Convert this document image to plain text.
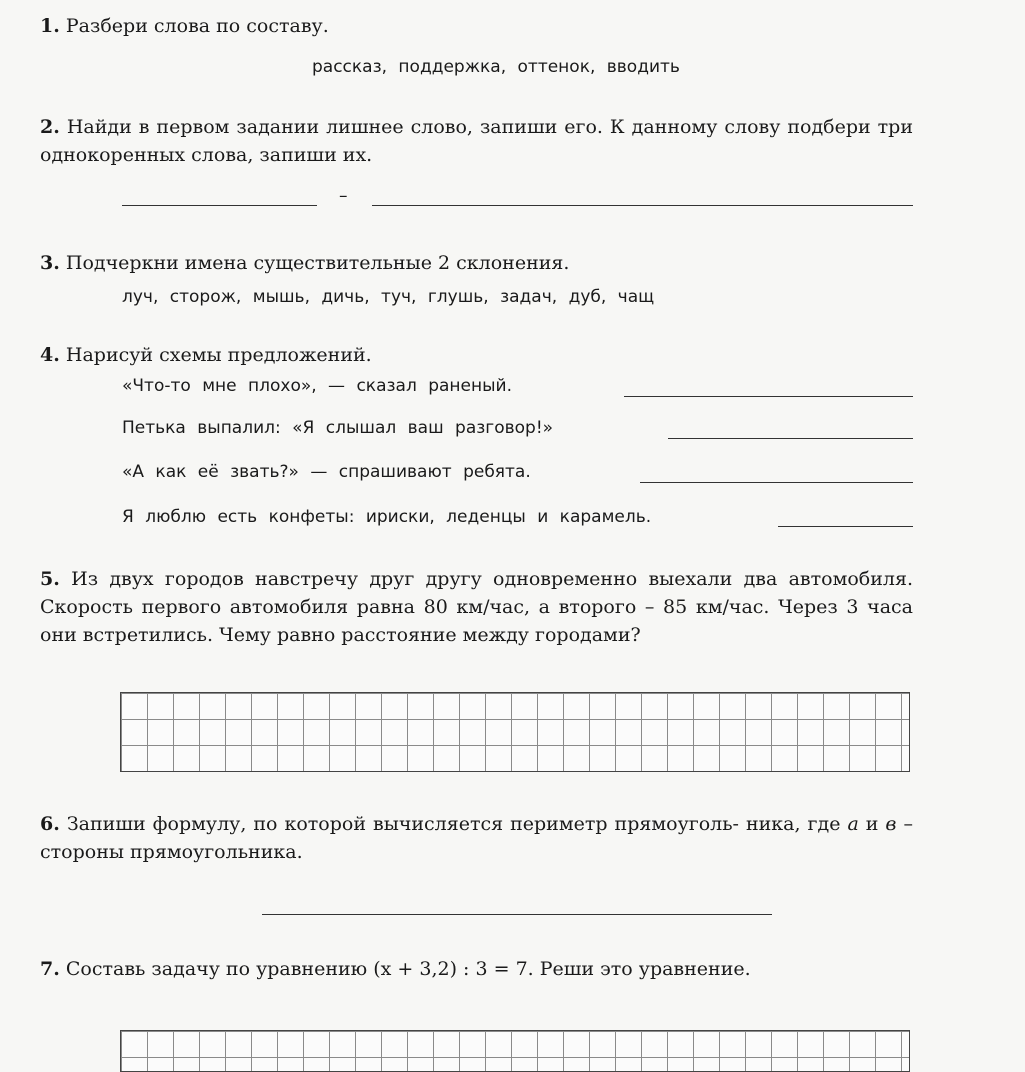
1. Разбери слова по составу.

рассказ, поддержка, оттенок, вводить

2. Найди в первом задании лишнее слово, запиши его. К данному слову подбери три однокоренных слова, запиши их.

–

3. Подчеркни имена существительные 2 склонения.

луч, сторож, мышь, дичь, туч, глушь, задач, дуб, чащ

4. Нарисуй схемы предложений.

«Что-то мне плохо», — сказал раненый.

Петька выпалил: «Я слышал ваш разговор!»

«А как её звать?» — спрашивают ребята.

Я люблю есть конфеты: ириски, леденцы и карамель.

5. Из двух городов навстречу друг другу одновременно выехали два автомобиля. Скорость первого автомобиля равна 80 км/час, а второго – 85 км/час. Через 3 часа они встретились. Чему равно расстояние между городами?

6. Запиши формулу, по которой вычисляется периметр прямоуголь- ника, где а и в – стороны прямоугольника.

7. Составь задачу по уравнению (x + 3,2) : 3 = 7. Реши это уравнение.
